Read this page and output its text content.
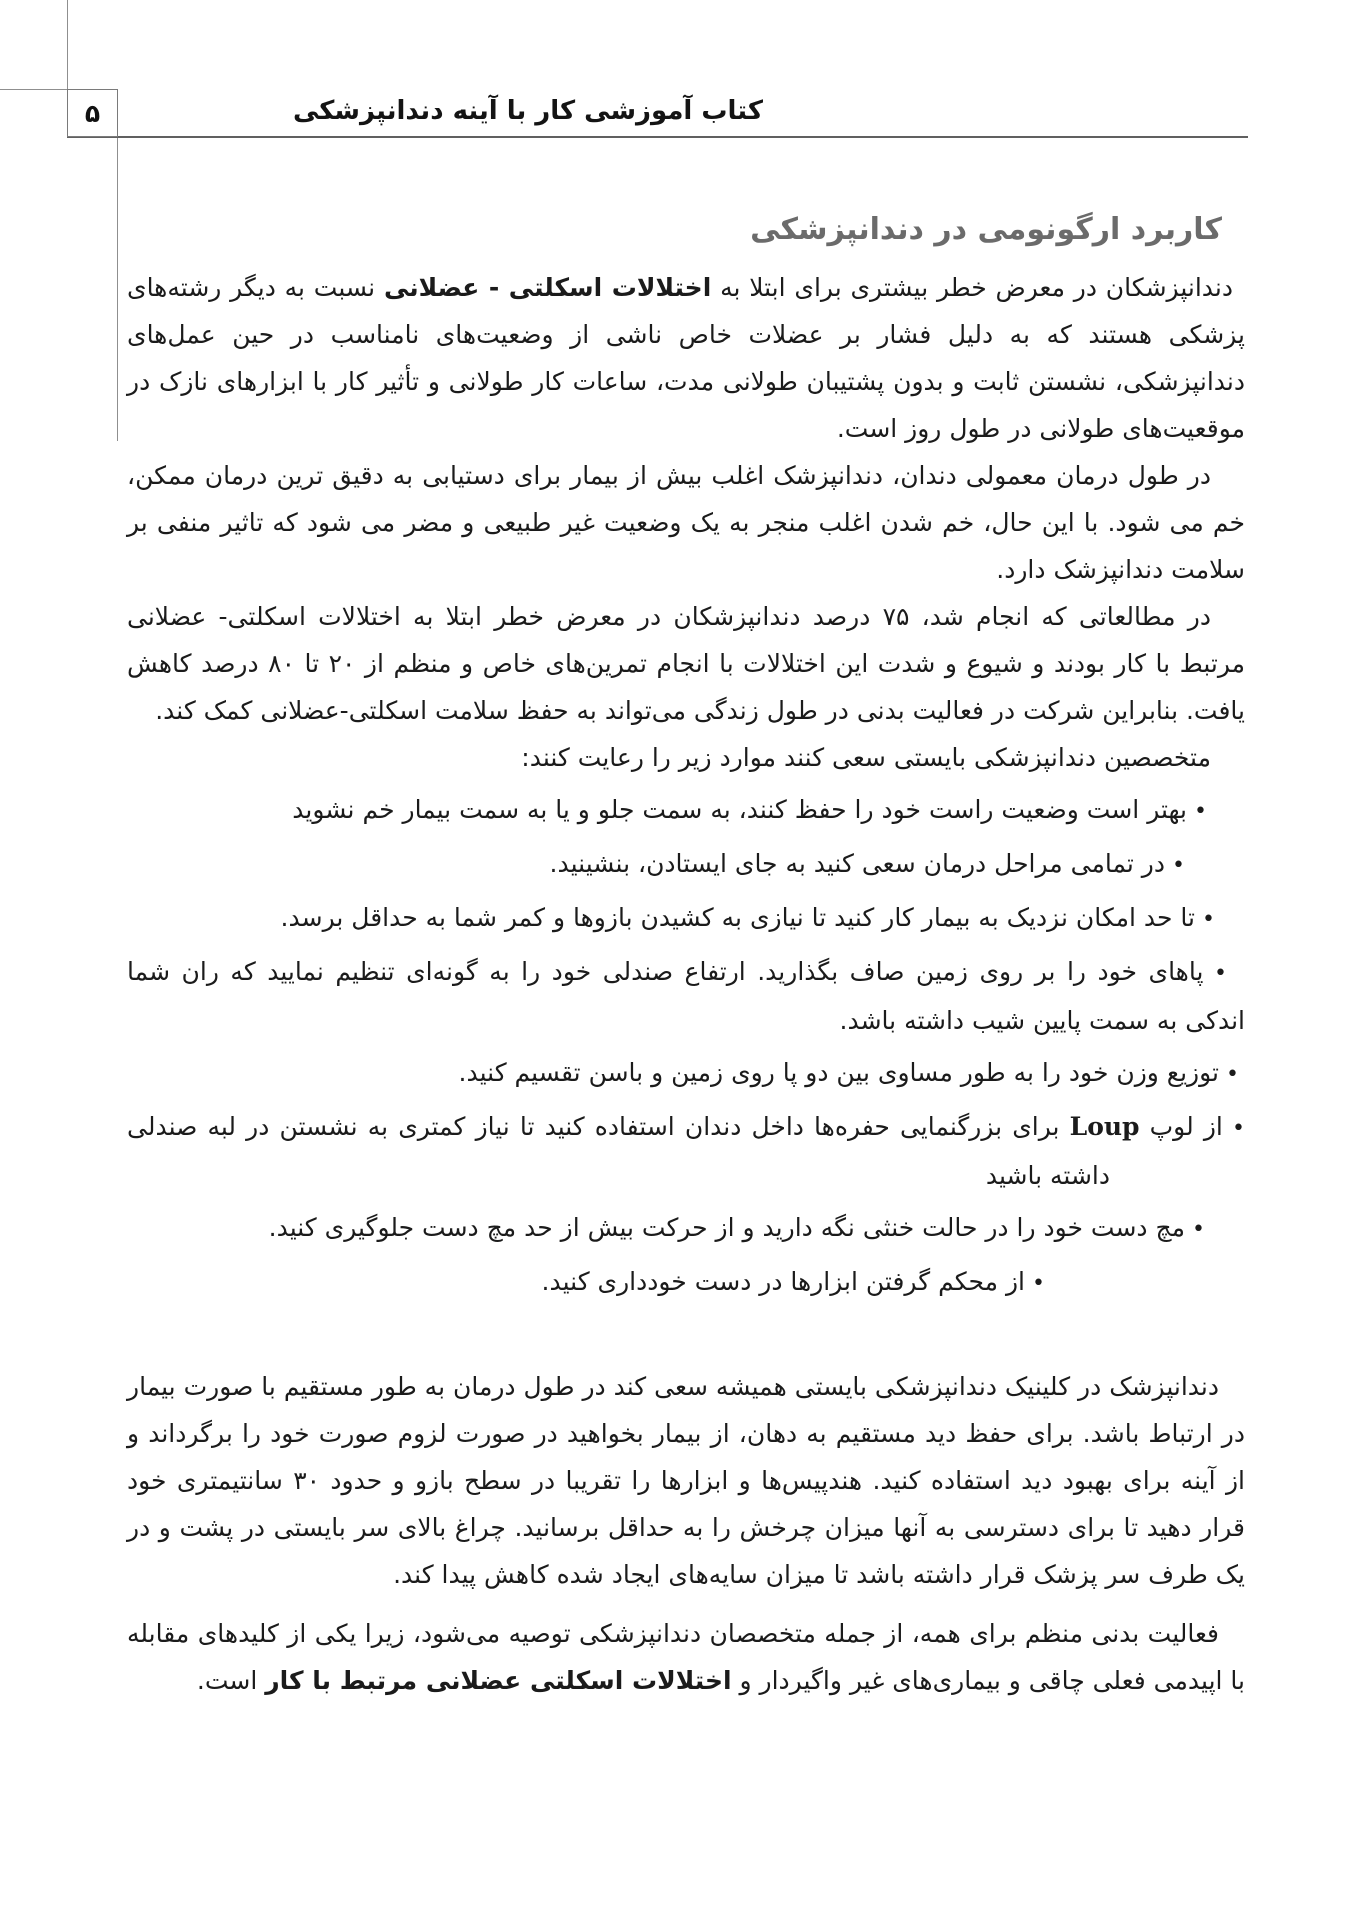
۵	کتاب آموزشی کار با آینه دندانپزشکی
کاربرد ارگونومی در دندانپزشکی

دندانپزشکان در معرض خطر بیشتری برای ابتلا به اختلالات اسکلتی - عضلانی نسبت به دیگر رشته‌های پزشکی هستند که به دلیل فشار بر عضلات خاص ناشی از وضعیت‌های نامناسب در حین عمل‌های دندانپزشکی، نشستن ثابت و بدون پشتیبان طولانی مدت، ساعات کار طولانی و تأثیر کار با ابزارهای نازک در موقعیت‌های طولانی در طول روز است.

در طول درمان معمولی دندان، دندانپزشک اغلب بیش از بیمار برای دستیابی به دقیق ترین درمان ممکن، خم می شود. با این حال، خم شدن اغلب منجر به یک وضعیت غیر طبیعی و مضر می شود که تاثیر منفی بر سلامت دندانپزشک دارد.

در مطالعاتی که انجام شد، ۷۵ درصد دندانپزشکان در معرض خطر ابتلا به اختلالات اسکلتی- عضلانی مرتبط با کار بودند و شیوع و شدت این اختلالات با انجام تمرین‌های خاص و منظم از ۲۰ تا ۸۰ درصد کاهش یافت. بنابراین شرکت در فعالیت بدنی در طول زندگی می‌تواند به حفظ سلامت اسکلتی-عضلانی کمک کند.

متخصصین دندانپزشکی بایستی سعی کنند موارد زیر را رعایت کنند:

• بهتر است وضعیت راست خود را حفظ کنند، به سمت جلو و یا به سمت بیمار خم نشوید

• در تمامی مراحل درمان سعی کنید به جای ایستادن، بنشینید.

• تا حد امکان نزدیک به بیمار کار کنید تا نیازی به کشیدن بازوها و کمر شما به حداقل برسد.

• پاهای خود را بر روی زمین صاف بگذارید. ارتفاع صندلی خود را به گونه‌ای تنظیم نمایید که ران شما اندکی به سمت پایین شیب داشته باشد.

• توزیع وزن خود را به طور مساوی بین دو پا روی زمین و باسن تقسیم کنید.

• از لوپ Loup برای بزرگنمایی حفره‌ها داخل دندان استفاده کنید تا نیاز کمتری به نشستن در لبه صندلی داشته باشید

• مچ دست خود را در حالت خنثی نگه دارید و از حرکت بیش از حد مچ دست جلوگیری کنید.

• از محکم گرفتن ابزارها در دست خودداری کنید.

دندانپزشک در کلینیک دندانپزشکی بایستی همیشه سعی کند در طول درمان به طور مستقیم با صورت بیمار در ارتباط باشد. برای حفظ دید مستقیم به دهان، از بیمار بخواهید در صورت لزوم صورت خود را برگرداند و از آینه برای بهبود دید استفاده کنید. هندپیس‌ها و ابزارها را تقریبا در سطح بازو و حدود ۳۰ سانتیمتری خود قرار دهید تا برای دسترسی به آنها میزان چرخش را به حداقل برسانید. چراغ بالای سر بایستی در پشت و در یک طرف سر پزشک قرار داشته باشد تا میزان سایه‌های ایجاد شده کاهش پیدا کند.

فعالیت بدنی منظم برای همه، از جمله متخصصان دندانپزشکی توصیه می‌شود، زیرا یکی از کلیدهای مقابله با اپیدمی فعلی چاقی و بیماری‌های غیر واگیردار و اختلالات اسکلتی عضلانی مرتبط با کار است.
